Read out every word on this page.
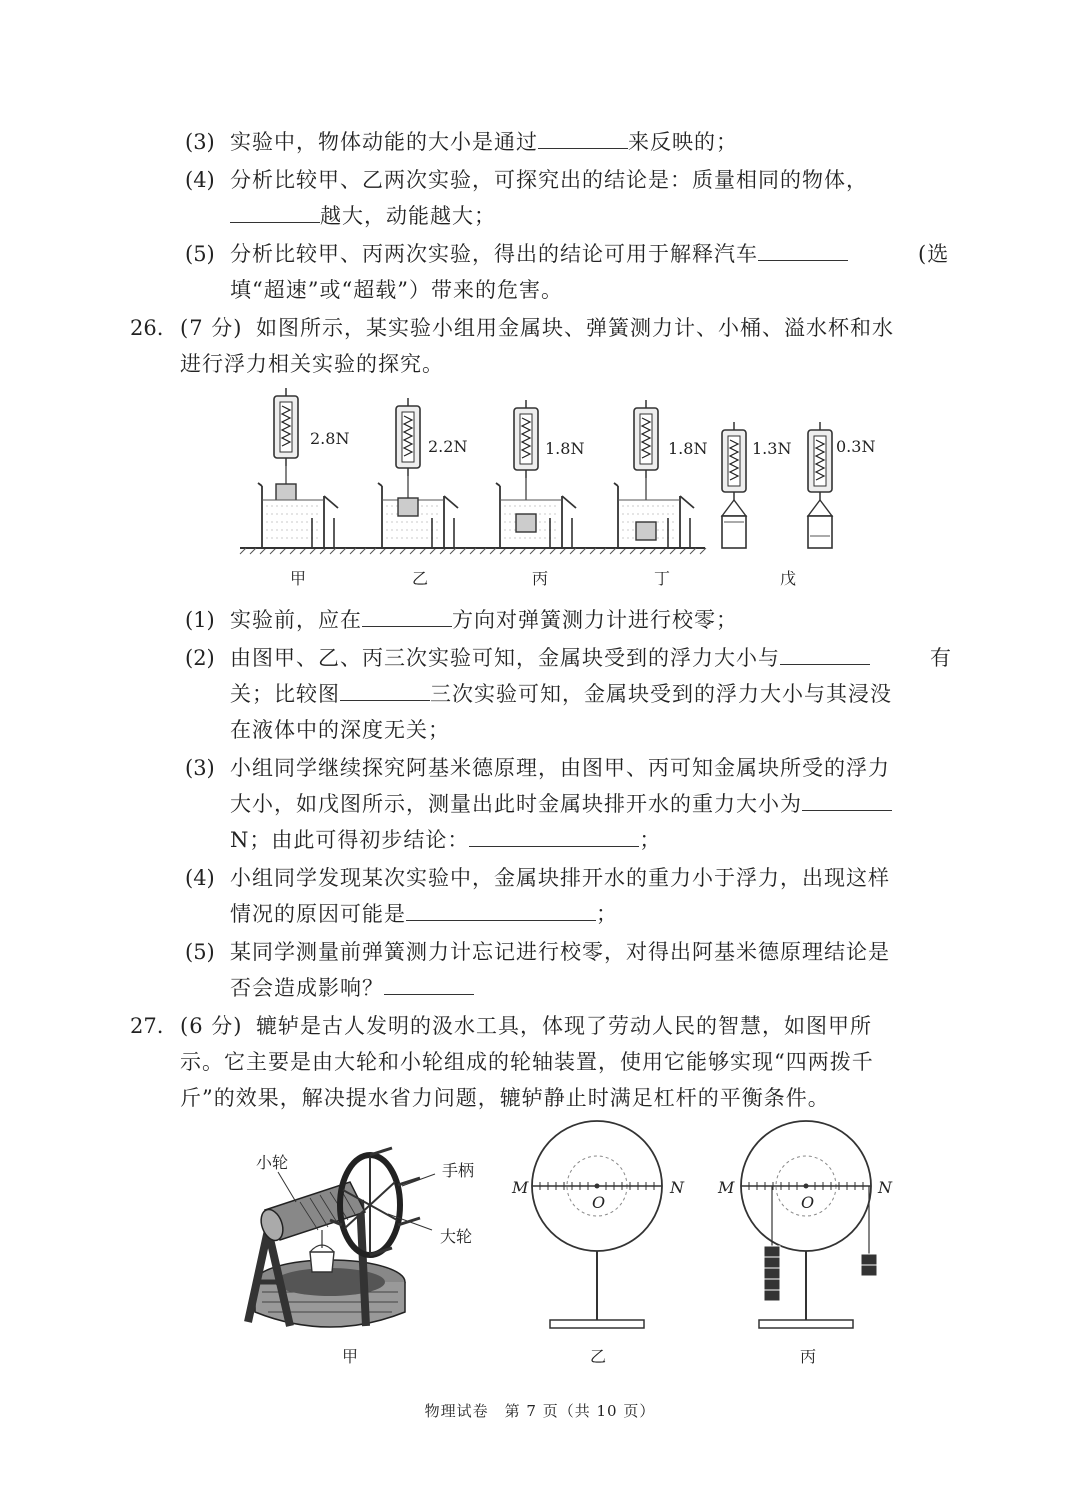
(3) 实验中，物体动能的大小是通过	来反映的；
(4) 分析比较甲、乙两次实验，可探究出的结论是：质量相同的物体，
越大，动能越大；
(5) 分析比较甲、丙两次实验，得出的结论可用于解释汽车	(选
填“超速”或“超载”）带来的危害。
26. (7 分) 如图所示，某实验小组用金属块、弹簧测力计、小桶、溢水杯和水
进行浮力相关实验的探究。
2.8N	2.2N	1.8N	1.8N	1.3N	0.3N
甲	乙	丙	丁	戊
(1) 实验前，应在	方向对弹簧测力计进行校零；
(2) 由图甲、乙、丙三次实验可知，金属块受到的浮力大小与	有
关；比较图	三次实验可知，金属块受到的浮力大小与其浸没
在液体中的深度无关；
(3) 小组同学继续探究阿基米德原理，由图甲、丙可知金属块所受的浮力
大小，如戊图所示，测量出此时金属块排开水的重力大小为
N；由此可得初步结论：	；
(4) 小组同学发现某次实验中，金属块排开水的重力小于浮力，出现这样
情况的原因可能是	；
(5) 某同学测量前弹簧测力计忘记进行校零，对得出阿基米德原理结论是
否会造成影响？
27. (6 分) 辘轳是古人发明的汲水工具，体现了劳动人民的智慧，如图甲所
示。它主要是由大轮和小轮组成的轮轴装置，使用它能够实现“四两拨千
斤”的效果，解决提水省力问题，辘轳静止时满足杠杆的平衡条件。
小轮	手柄
大轮
M	N
O
M	N
O
甲	乙	丙
物理试卷　第 7 页（共 10 页）
